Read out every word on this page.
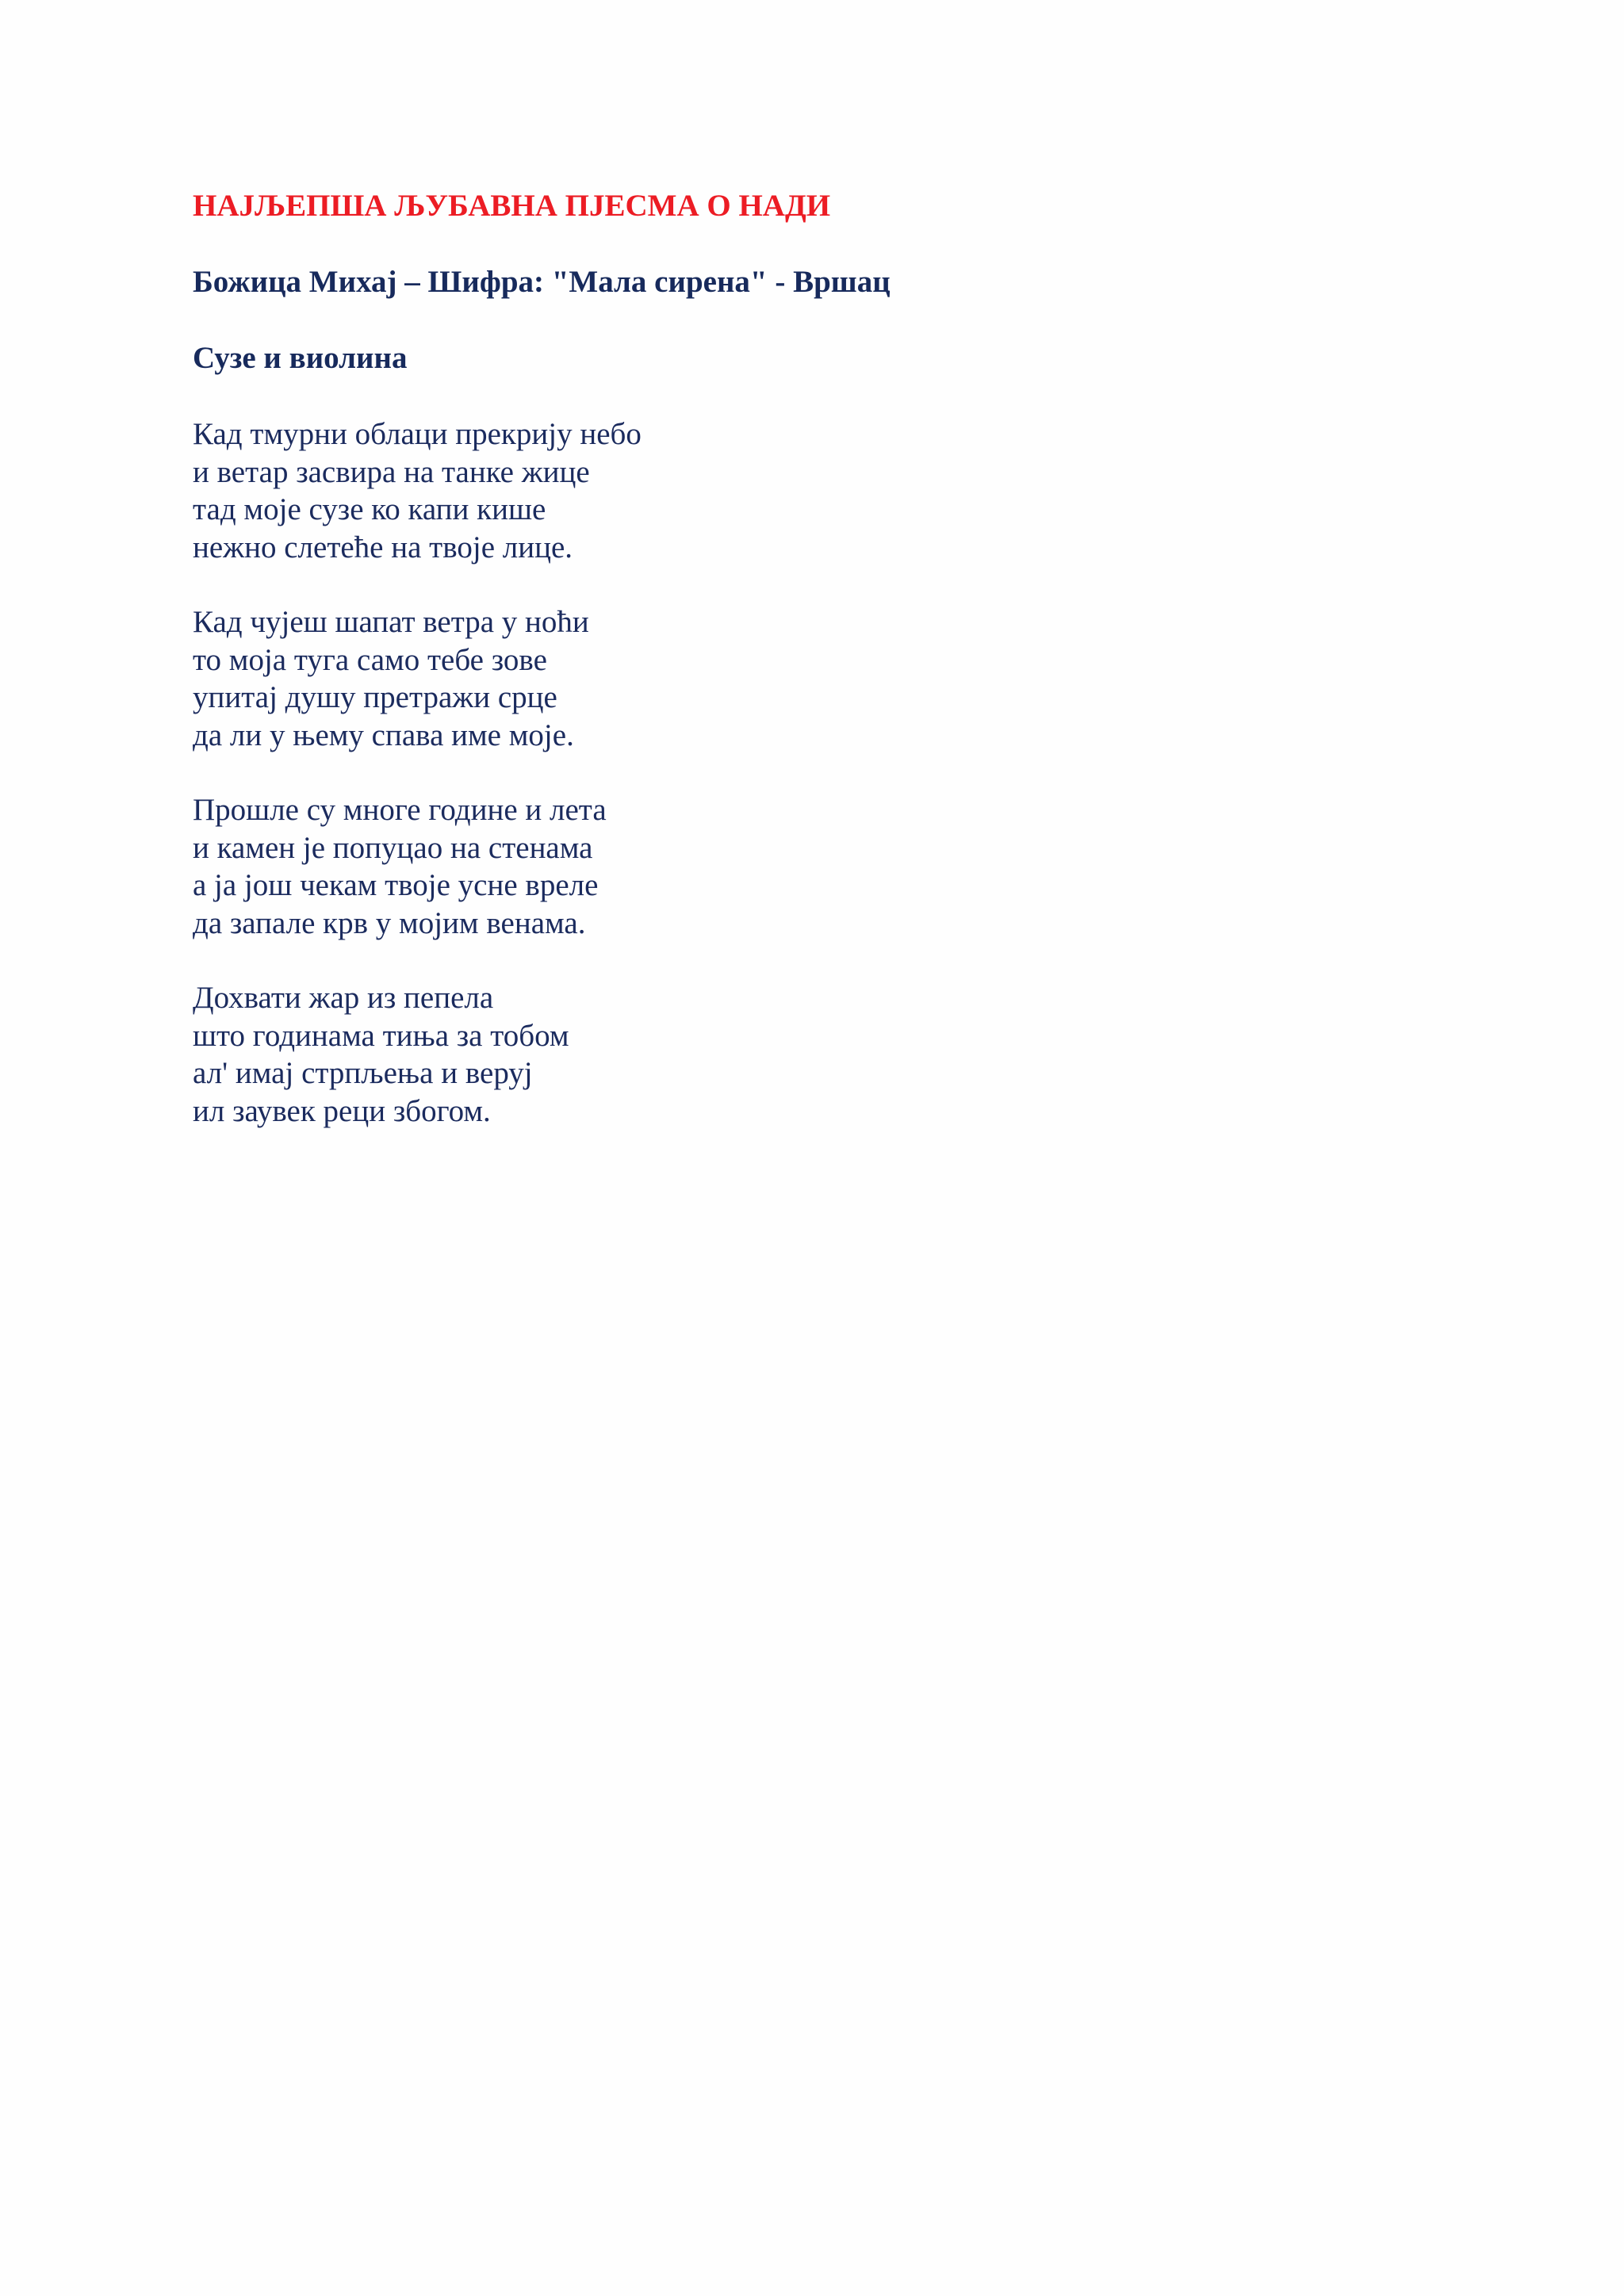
НАЈЉЕПША ЉУБАВНА ПЈЕСМА О НАДИ
Божица Михај – Шифра: "Мала сирена" - Вршац
Сузе и виолина
Кад тмурни облаци прекрију небо
и ветар засвира на танке жице
тад моје сузе ко капи кише
нежно слетеће на твоје лице.
Кад чујеш шапат ветра у ноћи
то моја туга само тебе зове
упитај душу претражи срце
да ли у њему спава име моје.
Прошле су многе године и лета
и камен је попуцао на стенама
а ја још чекам твоје усне вреле
да запале крв у мојим венама.
Дохвати жар из пепела
што годинама тиња за тобом
ал' имај стрпљења и веруј
ил заувек реци збогом.
